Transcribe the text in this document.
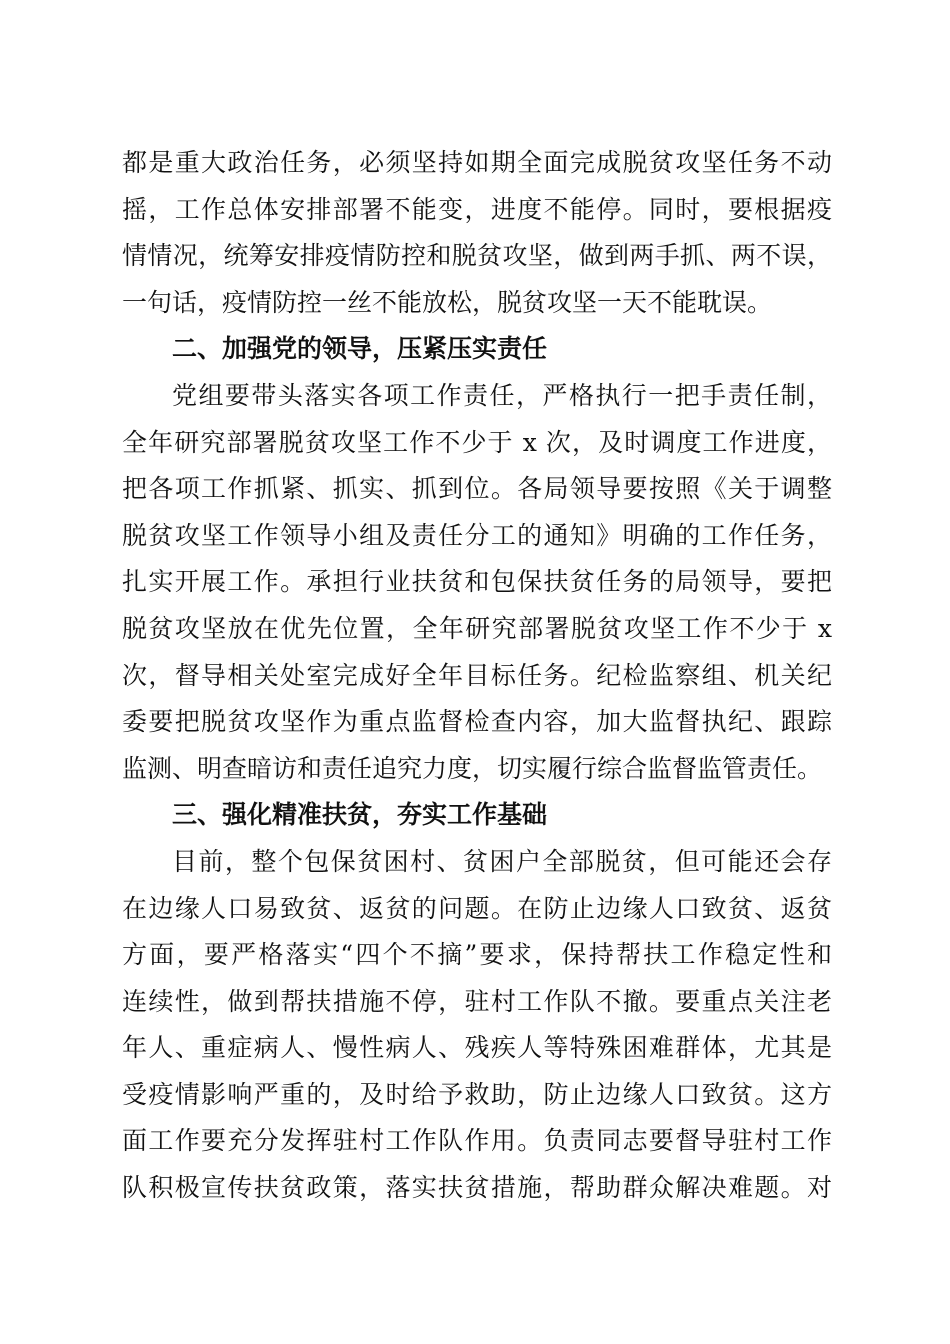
都是重大政治任务，必须坚持如期全面完成脱贫攻坚任务不动
摇，工作总体安排部署不能变，进度不能停。同时，要根据疫
情情况，统筹安排疫情防控和脱贫攻坚，做到两手抓、两不误，
一句话，疫情防控一丝不能放松，脱贫攻坚一天不能耽误。
二、加强党的领导，压紧压实责任
党组要带头落实各项工作责任，严格执行一把手责任制，
全年研究部署脱贫攻坚工作不少于 x 次，及时调度工作进度，
把各项工作抓紧、抓实、抓到位。各局领导要按照《关于调整
脱贫攻坚工作领导小组及责任分工的通知》明确的工作任务，
扎实开展工作。承担行业扶贫和包保扶贫任务的局领导，要把
脱贫攻坚放在优先位置，全年研究部署脱贫攻坚工作不少于 x
次，督导相关处室完成好全年目标任务。纪检监察组、机关纪
委要把脱贫攻坚作为重点监督检查内容，加大监督执纪、跟踪
监测、明查暗访和责任追究力度，切实履行综合监督监管责任。
三、强化精准扶贫，夯实工作基础
目前，整个包保贫困村、贫困户全部脱贫，但可能还会存
在边缘人口易致贫、返贫的问题。在防止边缘人口致贫、返贫
方面，要严格落实“四个不摘”要求，保持帮扶工作稳定性和
连续性，做到帮扶措施不停，驻村工作队不撤。要重点关注老
年人、重症病人、慢性病人、残疾人等特殊困难群体，尤其是
受疫情影响严重的，及时给予救助，防止边缘人口致贫。这方
面工作要充分发挥驻村工作队作用。负责同志要督导驻村工作
队积极宣传扶贫政策，落实扶贫措施，帮助群众解决难题。对
